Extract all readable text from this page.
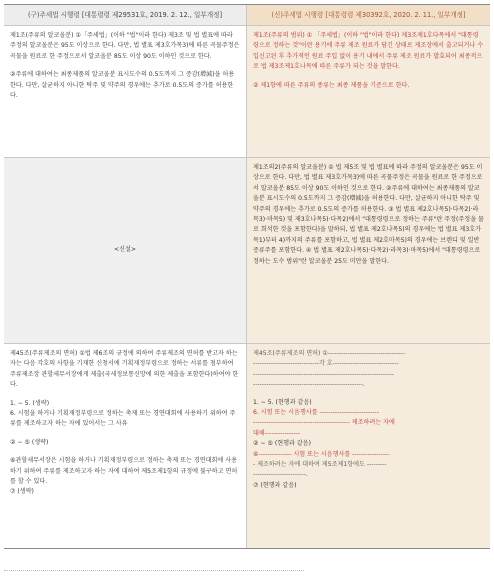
(구)주세법 시행령 [대통령령 제29531호, 2019. 2. 12., 일부개정]	(신)주세법 시행령 [대통령령 제30392호, 2020. 2. 11., 일부개정]
제1조(주류의 알코올분) ①「주세법」(이하 "법"이라 한다) 제3조 및 법 별표에 따라 주정의 알코올분은 95도 이상으로 한다. 다만, 법 별표 제3호가목3)에 따른 곡물주정은 곡물을 원료로 한 주정으로서 알코올분 85도 이상 90도 이하인 것으로 한다.
②주류에 대하여는 최종제품의 알코올분 표시도수의 0.5도까지 그 증감(增減)을 허용한다. 다만, 살균하지 아니한 탁주 및 약주의 경우에는 추가로 0.5도의 증가를 허용한다.
제1조(주류의 범위) ① 「주세법」(이하 "법"이라 한다) 제3조제1호다목에서 "대통령령으로 정하는 것"이란 용기에 주류 제조 원료가 담긴 상태로 제조장에서 출고되거나 수입신고된 후 추가적인 원료 주입 없이 용기 내에서 주류 제조 원료가 발효되어 최종적으로 법 제3조제1호나목에 따른 주류가 되는 것을 말한다.
② 제1항에 따른 주류의 종류는 최종 제품을 기준으로 한다.
<신설>
제1조의2(주류의 알코올분) ① 법 제5조 및 법 별표에 따라 주정의 알코올분은 95도 이상으로 한다. 다만, 법 별표 제3호가목3)에 따른 곡물주정은 곡물을 원료로 한 주정으로서 알코올분 85도 이상 90도 이하인 것으로 한다. ②주류에 대하여는 최종제품의 알코올분 표시도수의 0.5도까지 그 증감(增減)을 허용한다. 다만, 살균하지 아니한 탁주 및 약주의 경우에는 추가로 0.5도의 증가를 허용한다. ③ 법 별표 제2호나목5)·다목2)·라목3)·마목5) 및 제3호나목5)·다목2)에서 "대통령령으로 정하는 주류"란 주정(주정을 물로 희석한 것을 포함한다)을 말하되, 법 별표 제2호나목5)의 경우에는 법 별표 제3호가목1)부터 4)까지의 주류를 포함하고, 법 별표 제2호마목5)의 경우에는 브랜디 및 일반증류주를 포함한다. ④ 법 별표 제2호나목5)·다목2)·라목3)·마목5)에서 "대통령령으로 정하는 도수 범위"란 알코올분 25도 미만을 말한다.
제45조(주류제조의 면허) ①법 제6조의 규정에 의하여 주류제조의 면허를 받고자 하는 자는 다음 각호의 사항을 기재한 신청서에 기획재정부령으로 정하는 서류를 첨부하여 주류제조장 관할세무서장에게 제출(국세정보통신망에 의한 제출을 포함한다)하여야 한다.
1. ∼ 5. (생략)
6. 시험을 하거나 기획재정부령으로 정하는 축제 또는 경연대회에 사용하기 위하여 주류를 제조하고자 하는 자에 있어서는 그 사유
② ∼ ⑤ (생략)
⑥관할세무서장은 시험을 하거나 기획재정부령으로 정하는 축제 또는 경연대회에 사용하기 위하여 주류를 제조하고자 하는 자에 대하여 제5조제1항의 규정에 불구하고 면허를 할 수 있다.
⑦ (생략)
제45조(주류제조의 면허) ①-----------------------------------
------------------------------각 호------------------------------
----------------------------------------------------------------
--------------------------------------------------.
1. ∼ 5. (현행과 같음)
6. 시험 또는 시음행사를 ---------------------------
-------------------------------------------- 제조하려는 자에
대해----------------
② ∼ ⑤ (현행과 같음)
⑥--------------- 시험 또는 시음행사를 -----------------
- 제조하려는 자에 대하여 제5조제1항에도 ---------
------------------------.
⑦ (현행과 같음)
